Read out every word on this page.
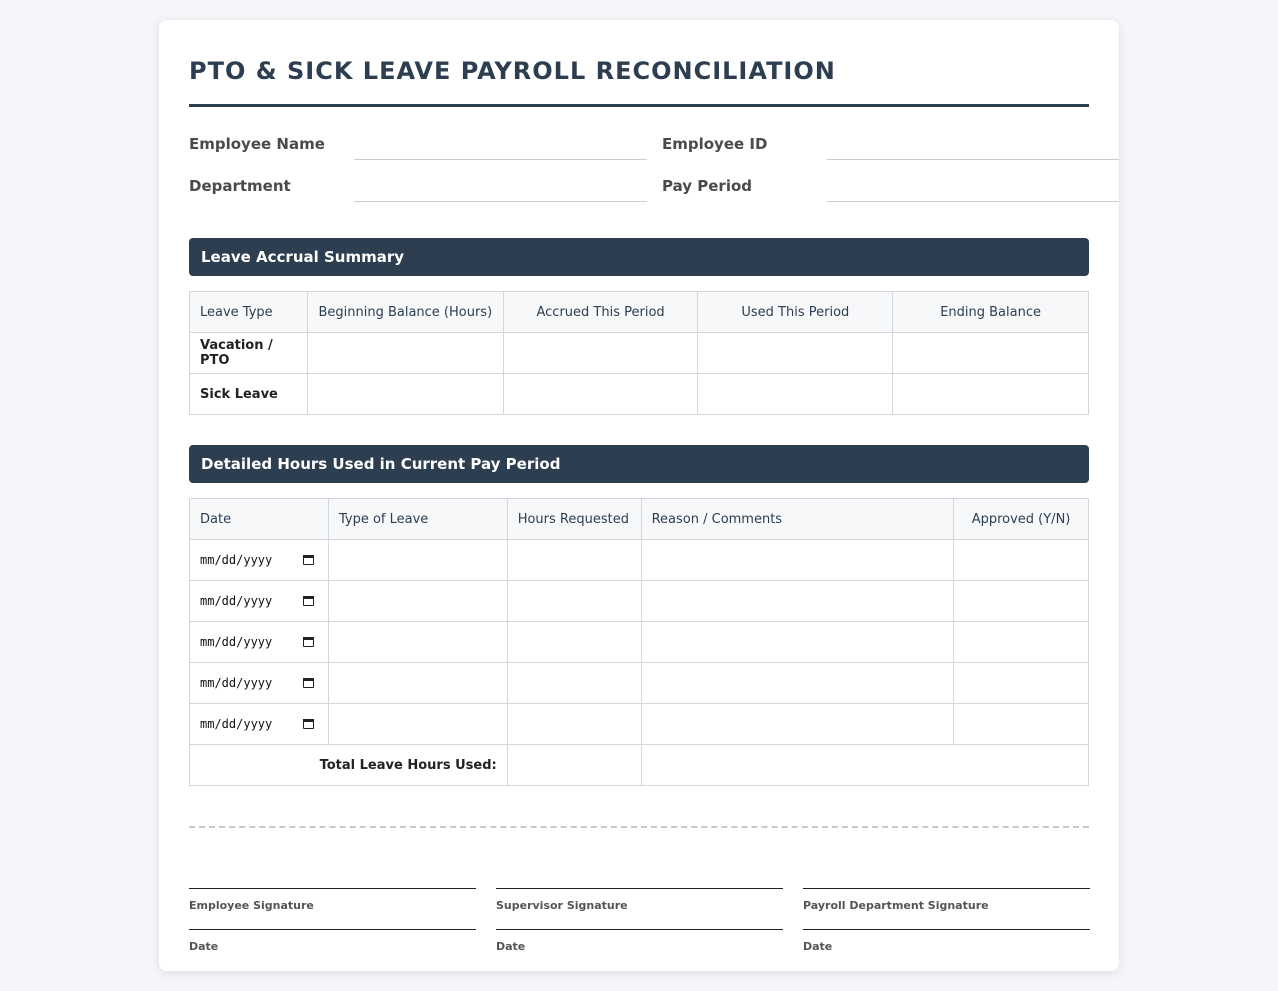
PTO & SICK LEAVE PAYROLL RECONCILIATION
Employee Name	Employee ID
Department	Pay Period
Leave Accrual Summary
Leave Type	Beginning Balance (Hours)	Accrued This Period	Used This Period	Ending Balance
Vacation / PTO				
Sick Leave				
Detailed Hours Used in Current Pay Period
Date	Type of Leave	Hours Requested	Reason / Comments	Approved (Y/N)

mm/dd/yyyy				

mm/dd/yyyy				

mm/dd/yyyy				

mm/dd/yyyy				

mm/dd/yyyy				

Total Leave Hours Used:				
Employee Signature
Date
Supervisor Signature
Date
Payroll Department Signature
Date
